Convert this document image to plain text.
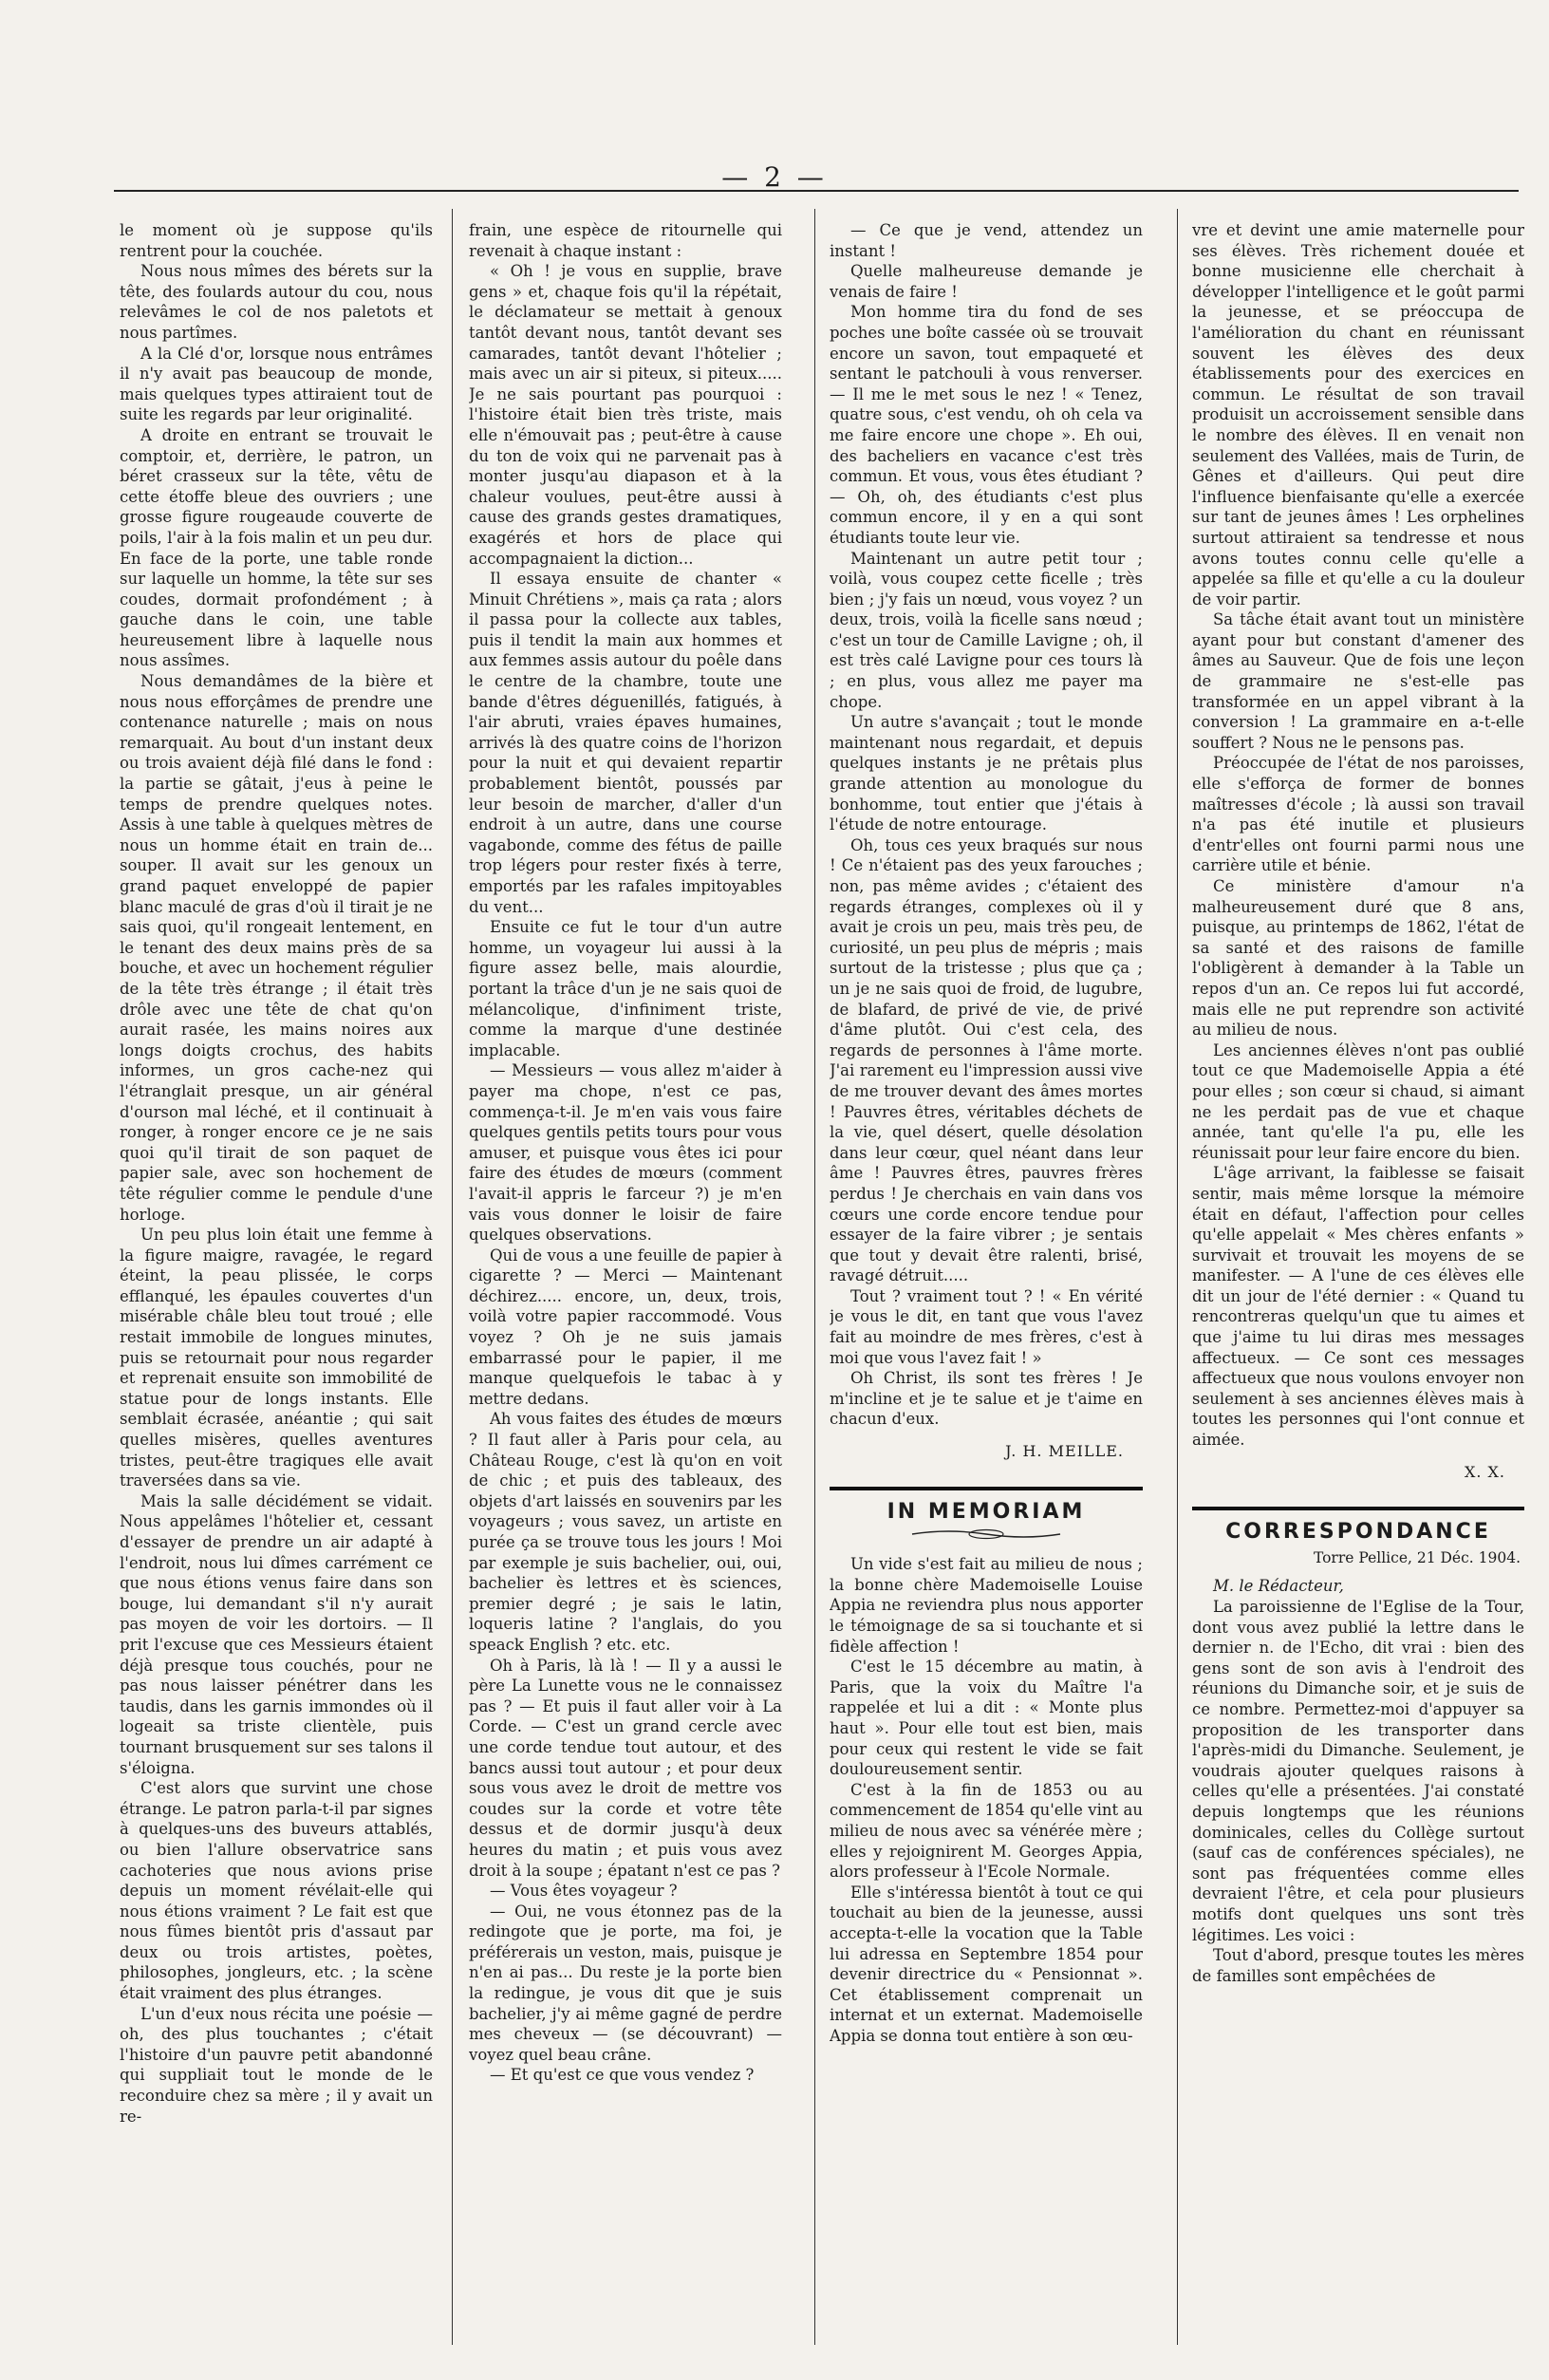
— 2 —

le moment où je suppose qu'ils rentrent pour la couchée.

Nous nous mîmes des bérets sur la tête, des foulards autour du cou, nous relevâmes le col de nos paletots et nous partîmes.

A la Clé d'or, lorsque nous entrâmes il n'y avait pas beaucoup de monde, mais quelques types attiraient tout de suite les regards par leur originalité.

A droite en entrant se trouvait le comptoir, et, derrière, le patron, un béret crasseux sur la tête, vêtu de cette étoffe bleue des ouvriers ; une grosse figure rougeaude couverte de poils, l'air à la fois malin et un peu dur. En face de la porte, une table ronde sur laquelle un homme, la tête sur ses coudes, dormait profondément ; à gauche dans le coin, une table heureusement libre à laquelle nous nous assîmes.

Nous demandâmes de la bière et nous nous efforçâmes de prendre une contenance naturelle ; mais on nous remarquait. Au bout d'un instant deux ou trois avaient déjà filé dans le fond : la partie se gâtait, j'eus à peine le temps de prendre quelques notes. Assis à une table à quelques mètres de nous un homme était en train de... souper. Il avait sur les genoux un grand paquet enveloppé de papier blanc maculé de gras d'où il tirait je ne sais quoi, qu'il rongeait lentement, en le tenant des deux mains près de sa bouche, et avec un hochement régulier de la tête très étrange ; il était très drôle avec une tête de chat qu'on aurait rasée, les mains noires aux longs doigts crochus, des habits informes, un gros cache-nez qui l'étranglait presque, un air général d'ourson mal léché, et il continuait à ronger, à ronger encore ce je ne sais quoi qu'il tirait de son paquet de papier sale, avec son hochement de tête régulier comme le pendule d'une horloge.

Un peu plus loin était une femme à la figure maigre, ravagée, le regard éteint, la peau plissée, le corps efflanqué, les épaules couvertes d'un misérable châle bleu tout troué ; elle restait immobile de longues minutes, puis se retournait pour nous regarder et reprenait ensuite son immobilité de statue pour de longs instants. Elle semblait écrasée, anéantie ; qui sait quelles misères, quelles aventures tristes, peut-être tragiques elle avait traversées dans sa vie.

Mais la salle décidément se vidait. Nous appelâmes l'hôtelier et, cessant d'essayer de prendre un air adapté à l'endroit, nous lui dîmes carrément ce que nous étions venus faire dans son bouge, lui demandant s'il n'y aurait pas moyen de voir les dortoirs. — Il prit l'excuse que ces Messieurs étaient déjà presque tous couchés, pour ne pas nous laisser pénétrer dans les taudis, dans les garnis immondes où il logeait sa triste clientèle, puis tournant brusquement sur ses talons il s'éloigna.

C'est alors que survint une chose étrange. Le patron parla-t-il par signes à quelques-uns des buveurs attablés, ou bien l'allure observatrice sans cachoteries que nous avions prise depuis un moment révélait-elle qui nous étions vraiment ? Le fait est que nous fûmes bientôt pris d'assaut par deux ou trois artistes, poètes, philosophes, jongleurs, etc. ; la scène était vraiment des plus étranges.

L'un d'eux nous récita une poésie — oh, des plus touchantes ; c'était l'histoire d'un pauvre petit abandonné qui suppliait tout le monde de le reconduire chez sa mère ; il y avait un re-

frain, une espèce de ritournelle qui revenait à chaque instant :

« Oh ! je vous en supplie, brave gens » et, chaque fois qu'il la répétait, le déclamateur se mettait à genoux tantôt devant nous, tantôt devant ses camarades, tantôt devant l'hôtelier ; mais avec un air si piteux, si piteux..... Je ne sais pourtant pas pourquoi : l'histoire était bien très triste, mais elle n'émouvait pas ; peut-être à cause du ton de voix qui ne parvenait pas à monter jusqu'au diapason et à la chaleur voulues, peut-être aussi à cause des grands gestes dramatiques, exagérés et hors de place qui accompagnaient la diction...

Il essaya ensuite de chanter « Minuit Chrétiens », mais ça rata ; alors il passa pour la collecte aux tables, puis il tendit la main aux hommes et aux femmes assis autour du poêle dans le centre de la chambre, toute une bande d'êtres déguenillés, fatigués, à l'air abruti, vraies épaves humaines, arrivés là des quatre coins de l'horizon pour la nuit et qui devaient repartir probablement bientôt, poussés par leur besoin de marcher, d'aller d'un endroit à un autre, dans une course vagabonde, comme des fétus de paille trop légers pour rester fixés à terre, emportés par les rafales impitoyables du vent...

Ensuite ce fut le tour d'un autre homme, un voyageur lui aussi à la figure assez belle, mais alourdie, portant la trâce d'un je ne sais quoi de mélancolique, d'infiniment triste, comme la marque d'une destinée implacable.

— Messieurs — vous allez m'aider à payer ma chope, n'est ce pas, commença-t-il. Je m'en vais vous faire quelques gentils petits tours pour vous amuser, et puisque vous êtes ici pour faire des études de mœurs (comment l'avait-il appris le farceur ?) je m'en vais vous donner le loisir de faire quelques observations.

Qui de vous a une feuille de papier à cigarette ? — Merci — Maintenant déchirez..... encore, un, deux, trois, voilà votre papier raccommodé. Vous voyez ? Oh je ne suis jamais embarrassé pour le papier, il me manque quelquefois le tabac à y mettre dedans.

Ah vous faites des études de mœurs ? Il faut aller à Paris pour cela, au Château Rouge, c'est là qu'on en voit de chic ; et puis des tableaux, des objets d'art laissés en souvenirs par les voyageurs ; vous savez, un artiste en purée ça se trouve tous les jours ! Moi par exemple je suis bachelier, oui, oui, bachelier ès lettres et ès sciences, premier degré ; je sais le latin, loqueris latine ? l'anglais, do you speack English ? etc. etc.

Oh à Paris, là là ! — Il y a aussi le père La Lunette vous ne le connaissez pas ? — Et puis il faut aller voir à La Corde. — C'est un grand cercle avec une corde tendue tout autour, et des bancs aussi tout autour ; et pour deux sous vous avez le droit de mettre vos coudes sur la corde et votre tête dessus et de dormir jusqu'à deux heures du matin ; et puis vous avez droit à la soupe ; épatant n'est ce pas ?

— Vous êtes voyageur ?

— Oui, ne vous étonnez pas de la redingote que je porte, ma foi, je préférerais un veston, mais, puisque je n'en ai pas... Du reste je la porte bien la redingue, je vous dit que je suis bachelier, j'y ai même gagné de perdre mes cheveux — (se découvrant) — voyez quel beau crâne.

— Et qu'est ce que vous vendez ?

— Ce que je vend, attendez un instant !

Quelle malheureuse demande je venais de faire !

Mon homme tira du fond de ses poches une boîte cassée où se trouvait encore un savon, tout empaqueté et sentant le patchouli à vous renverser. — Il me le met sous le nez ! « Tenez, quatre sous, c'est vendu, oh oh cela va me faire encore une chope ». Eh oui, des bacheliers en vacance c'est très commun. Et vous, vous êtes étudiant ? — Oh, oh, des étudiants c'est plus commun encore, il y en a qui sont étudiants toute leur vie.

Maintenant un autre petit tour ; voilà, vous coupez cette ficelle ; très bien ; j'y fais un nœud, vous voyez ? un deux, trois, voilà la ficelle sans nœud ; c'est un tour de Camille Lavigne ; oh, il est très calé Lavigne pour ces tours là ; en plus, vous allez me payer ma chope.

Un autre s'avançait ; tout le monde maintenant nous regardait, et depuis quelques instants je ne prêtais plus grande attention au monologue du bonhomme, tout entier que j'étais à l'étude de notre entourage.

Oh, tous ces yeux braqués sur nous ! Ce n'étaient pas des yeux farouches ; non, pas même avides ; c'étaient des regards étranges, complexes où il y avait je crois un peu, mais très peu, de curiosité, un peu plus de mépris ; mais surtout de la tristesse ; plus que ça ; un je ne sais quoi de froid, de lugubre, de blafard, de privé de vie, de privé d'âme plutôt. Oui c'est cela, des regards de personnes à l'âme morte. J'ai rarement eu l'impression aussi vive de me trouver devant des âmes mortes ! Pauvres êtres, véritables déchets de la vie, quel désert, quelle désolation dans leur cœur, quel néant dans leur âme ! Pauvres êtres, pauvres frères perdus ! Je cherchais en vain dans vos cœurs une corde encore tendue pour essayer de la faire vibrer ; je sentais que tout y devait être ralenti, brisé, ravagé détruit.....

Tout ? vraiment tout ? ! « En vérité je vous le dit, en tant que vous l'avez fait au moindre de mes frères, c'est à moi que vous l'avez fait ! »

Oh Christ, ils sont tes frères ! Je m'incline et je te salue et je t'aime en chacun d'eux.

J. H. MEILLE.
IN MEMORIAM

Un vide s'est fait au milieu de nous ; la bonne chère Mademoiselle Louise Appia ne reviendra plus nous apporter le témoignage de sa si touchante et si fidèle affection !

C'est le 15 décembre au matin, à Paris, que la voix du Maître l'a rappelée et lui a dit : « Monte plus haut ». Pour elle tout est bien, mais pour ceux qui restent le vide se fait douloureusement sentir.

C'est à la fin de 1853 ou au commencement de 1854 qu'elle vint au milieu de nous avec sa vénérée mère ; elles y rejoignirent M. Georges Appia, alors professeur à l'Ecole Normale.

Elle s'intéressa bientôt à tout ce qui touchait au bien de la jeunesse, aussi accepta-t-elle la vocation que la Table lui adressa en Septembre 1854 pour devenir directrice du « Pensionnat ». Cet établissement comprenait un internat et un externat. Mademoiselle Appia se donna tout entière à son œu-

vre et devint une amie maternelle pour ses élèves. Très richement douée et bonne musicienne elle cherchait à développer l'intelligence et le goût parmi la jeunesse, et se préoccupa de l'amélioration du chant en réunissant souvent les élèves des deux établissements pour des exercices en commun. Le résultat de son travail produisit un accroissement sensible dans le nombre des élèves. Il en venait non seulement des Vallées, mais de Turin, de Gênes et d'ailleurs. Qui peut dire l'influence bienfaisante qu'elle a exercée sur tant de jeunes âmes ! Les orphelines surtout attiraient sa tendresse et nous avons toutes connu celle qu'elle a appelée sa fille et qu'elle a cu la douleur de voir partir.

Sa tâche était avant tout un ministère ayant pour but constant d'amener des âmes au Sauveur. Que de fois une leçon de grammaire ne s'est-elle pas transformée en un appel vibrant à la conversion ! La grammaire en a-t-elle souffert ? Nous ne le pensons pas.

Préoccupée de l'état de nos paroisses, elle s'efforça de former de bonnes maîtresses d'école ; là aussi son travail n'a pas été inutile et plusieurs d'entr'elles ont fourni parmi nous une carrière utile et bénie.

Ce ministère d'amour n'a malheureusement duré que 8 ans, puisque, au printemps de 1862, l'état de sa santé et des raisons de famille l'obligèrent à demander à la Table un repos d'un an. Ce repos lui fut accordé, mais elle ne put reprendre son activité au milieu de nous.

Les anciennes élèves n'ont pas oublié tout ce que Mademoiselle Appia a été pour elles ; son cœur si chaud, si aimant ne les perdait pas de vue et chaque année, tant qu'elle l'a pu, elle les réunissait pour leur faire encore du bien.

L'âge arrivant, la faiblesse se faisait sentir, mais même lorsque la mémoire était en défaut, l'affection pour celles qu'elle appelait « Mes chères enfants » survivait et trouvait les moyens de se manifester. — A l'une de ces élèves elle dit un jour de l'été dernier : « Quand tu rencontreras quelqu'un que tu aimes et que j'aime tu lui diras mes messages affectueux. — Ce sont ces messages affectueux que nous voulons envoyer non seulement à ses anciennes élèves mais à toutes les personnes qui l'ont connue et aimée.

X. X.
CORRESPONDANCE
Torre Pellice, 21 Déc. 1904.

M. le Rédacteur,

La paroissienne de l'Eglise de la Tour, dont vous avez publié la lettre dans le dernier n. de l'Echo, dit vrai : bien des gens sont de son avis à l'endroit des réunions du Dimanche soir, et je suis de ce nombre. Permettez-moi d'appuyer sa proposition de les transporter dans l'après-midi du Dimanche. Seulement, je voudrais ajouter quelques raisons à celles qu'elle a présentées. J'ai constaté depuis longtemps que les réunions dominicales, celles du Collège surtout (sauf cas de conférences spéciales), ne sont pas fréquentées comme elles devraient l'être, et cela pour plusieurs motifs dont quelques uns sont très légitimes. Les voici :

Tout d'abord, presque toutes les mères de familles sont empêchées de
